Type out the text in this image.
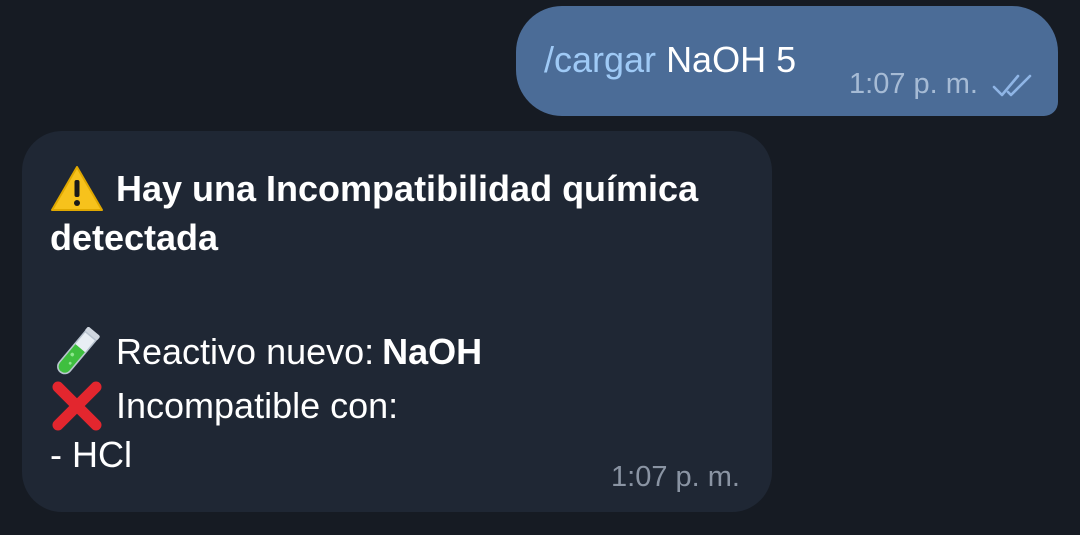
/cargar NaOH 5
1:07 p. m.
Hay una Incompatibilidad química
detectada
Reactivo nuevo: NaOH
Incompatible con:
- HCl
1:07 p. m.
